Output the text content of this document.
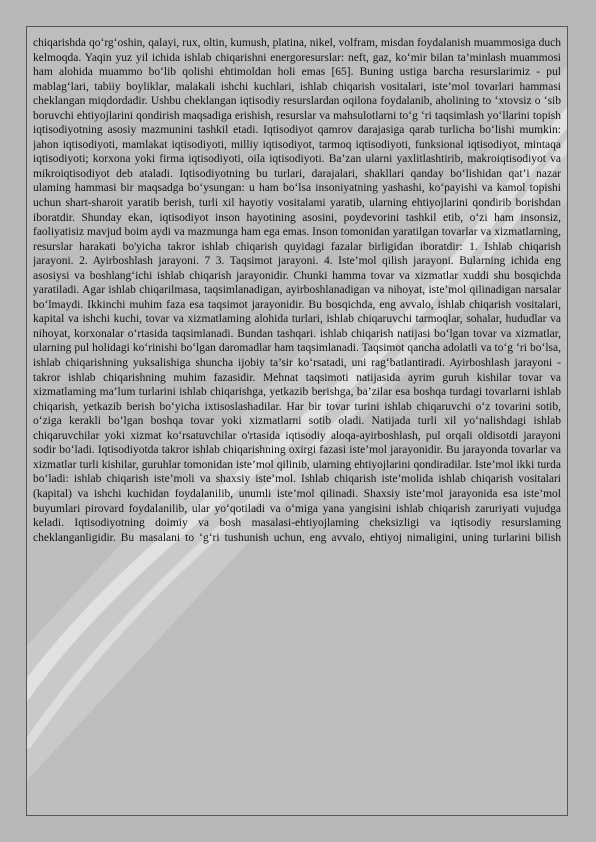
chiqarishda qo‘rg‘oshin, qalayi, rux, oltin, kumush, platina, nikel, volfram, misdan foydalanish muammosiga duch kelmoqda. Yaqin yuz yil ichida ishlab chiqarishni energoresurslar: neft, gaz, ko‘mir bilan ta’minlash muammosi ham alohida muammo bo‘lib qolishi ehtimoldan holi emas [65]. Buning ustiga barcha resurslarimiz - pul mablag‘lari, tabiiy boyliklar, malakali ishchi kuchlari, ishlab chiqarish vositalari, iste’mol tovarlari hammasi cheklangan miqdordadir. Ushbu cheklangan iqtisodiy resurslardan oqilona foydalanib, aholining to ‘xtovsiz o ‘sib boruvchi ehtiyojlarini qondirish maqsadiga erishish, resurslar va mahsulotlarni to‘g ‘ri taqsimlash yo‘llarini topish iqtisodiyotning asosiy mazmunini tashkil etadi. Iqtisodiyot qamrov darajasiga qarab turlicha bo‘lishi mumkin: jahon iqtisodiyoti, mamlakat iqtisodiyoti, milliy iqtisodiyot, tarmoq iqtisodiyoti, funksional iqtisodiyot, mintaqa iqtisodiyoti; korxona yoki firma iqtisodiyoti, oila iqtisodiyoti. Ba’zan ularni yaxlitlashtirib, makroiqtisodiyot va mikroiqtisodiyot deb ataladi. Iqtisodiyotning bu turlari, darajalari, shakllari qanday bo‘lishidan qat’i nazar ulaming hammasi bir maqsadga bo‘ysungan: u ham bo‘lsa insoniyatning yashashi, ko‘payishi va kamol topishi uchun shart-sharoit yaratib berish, turli xil hayotiy vositalami yaratib, ularning ehtiyojlarini qondirib borishdan iboratdir. Shunday ekan, iqtisodiyot inson hayotining asosini, poydevorini tashkil etib, o‘zi ham insonsiz, faoliyatisiz mavjud boim aydi va mazmunga ham ega emas. Inson tomonidan yaratilgan tovarlar va xizmatlarning, resurslar harakati bo'yicha takror ishlab chiqarish quyidagi fazalar birligidan iboratdir: 1. Ishlab chiqarish jarayoni. 2. Ayirboshlash jarayoni. 7 3. Taqsimot jarayoni. 4. Iste’mol qilish jarayoni. Bularning ichida eng asosiysi va boshlang‘ichi ishlab chiqarish jarayonidir. Chunki hamma tovar va xizmatlar xuddi shu bosqichda yaratiladi. Agar ishlab chiqarilmasa, taqsimlanadigan, ayirboshlanadigan va nihoyat, iste’mol qilinadigan narsalar bo‘lmaydi. Ikkinchi muhim faza esa taqsimot jarayonidir. Bu bosqichda, eng avvalo, ishlab chiqarish vositalari, kapital va ishchi kuchi, tovar va xizmatlaming alohida turlari, ishlab chiqaruvchi tarmoqlar, sohalar, hududlar va nihoyat, korxonalar o‘rtasida taqsimlanadi. Bundan tashqari. ishlab chiqarish natijasi bo‘lgan tovar va xizmatlar, ularning pul holidagi ko‘rinishi bo‘lgan daromadlar ham taqsimlanadi. Taqsimot qancha adolatli va to‘g ‘ri bo‘lsa, ishlab chiqarishning yuksalishiga shuncha ijobiy ta’sir ko‘rsatadi, uni rag‘batlantiradi. Ayirboshlash jarayoni - takror ishlab chiqarishning muhim fazasidir. Mehnat taqsimoti natijasida ayrim guruh kishilar tovar va xizmatlaming ma’lum turlarini ishlab chiqarishga, yetkazib berishga, ba’zilar esa boshqa turdagi tovarlarni ishlab chiqarish, yetkazib berish bo‘yicha ixtisoslashadilar. Har bir tovar turini ishlab chiqaruvchi o‘z tovarini sotib, o‘ziga kerakli bo‘lgan boshqa tovar yoki xizmatlarni sotib oladi. Natijada turli xil yo‘nalishdagi ishlab chiqaruvchilar yoki xizmat ko‘rsatuvchilar o'rtasida iqtisodiy aloqa-ayirboshlash, pul orqali oldisotdi jarayoni sodir bo‘ladi. Iqtisodiyotda takror ishlab chiqarishning oxirgi fazasi iste’mol jarayonidir. Bu jarayonda tovarlar va xizmatlar turli kishilar, guruhlar tomonidan iste’mol qilinib, ularning ehtiyojlarini qondiradilar. Iste’mol ikki turda bo‘ladi: ishlab chiqarish iste’moli va shaxsiy iste’mol. Ishlab chiqarish iste’molida ishlab chiqarish vositalari (kapital) va ishchi kuchidan foydalanilib, unumli iste’mol qilinadi. Shaxsiy iste’mol jarayonida esa iste’mol buyumlari pirovard foydalanilib, ular yo‘qotiladi va o‘miga yana yangisini ishlab chiqarish zaruriyati vujudga keladi. Iqtisodiyotning doimiy va bosh masalasi-ehtiyojlaming cheksizligi va iqtisodiy resurslaming cheklanganligidir. Bu masalani to ‘g‘ri tushunish uchun, eng avvalo, ehtiyoj nimaligini, uning turlarini bilish
